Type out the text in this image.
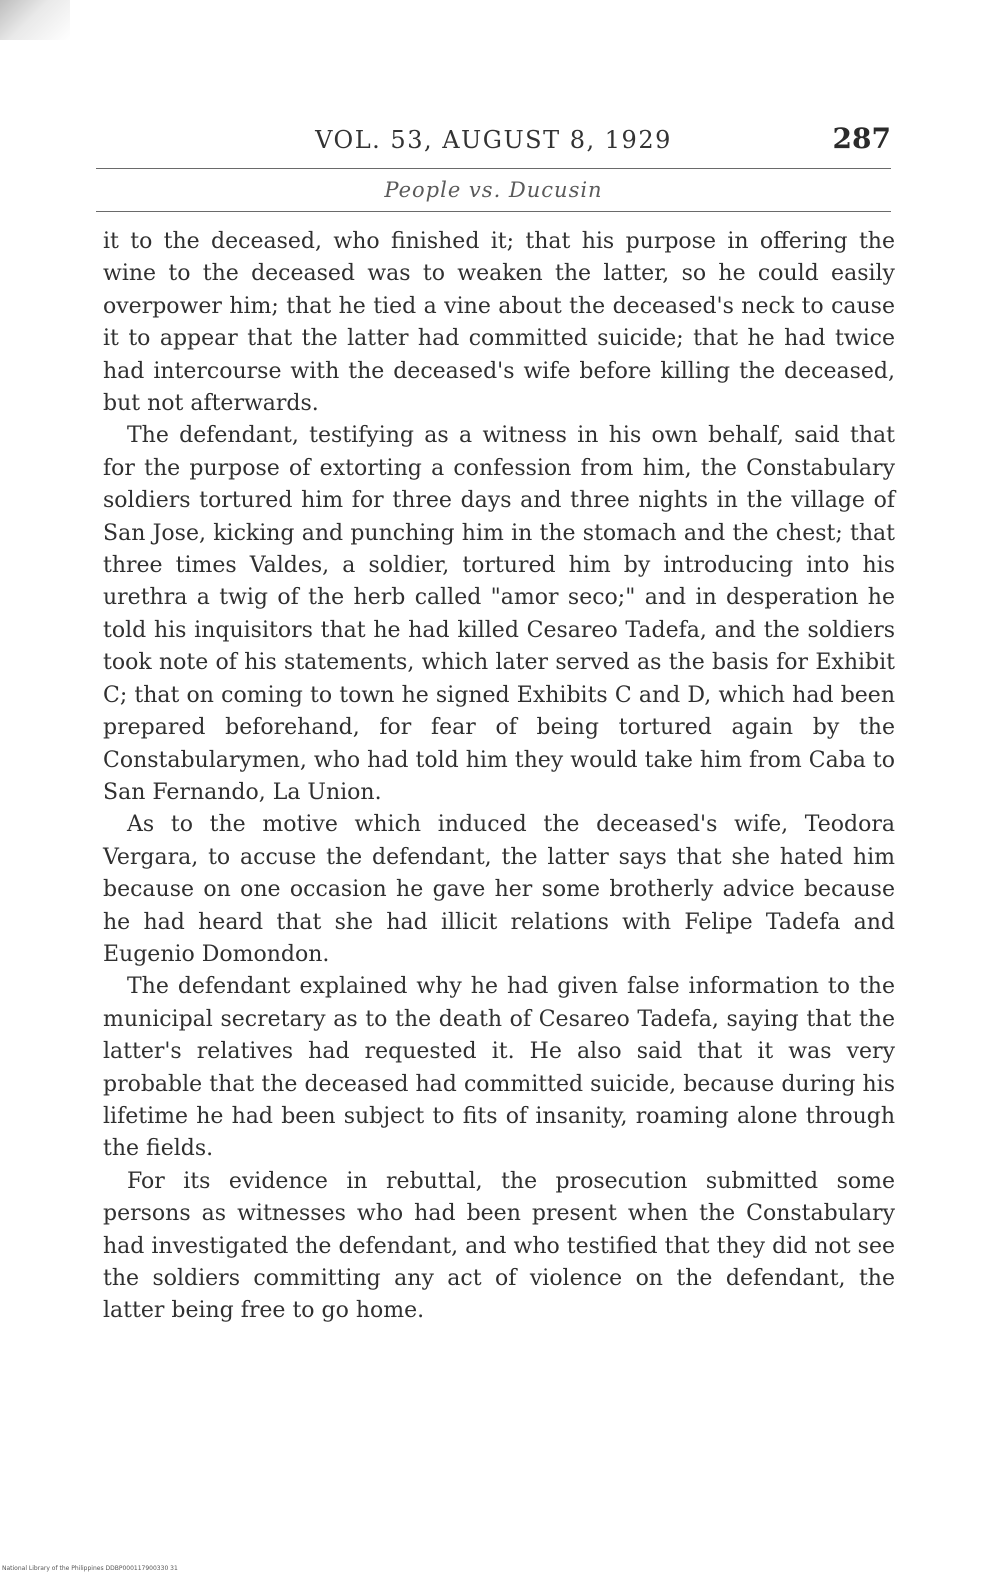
VOL. 53, AUGUST 8, 1929	287
People vs. Ducusin

it to the deceased, who finished it; that his purpose in offering the wine to the deceased was to weaken the latter, so he could easily overpower him; that he tied a vine about the deceased's neck to cause it to appear that the latter had committed suicide; that he had twice had intercourse with the deceased's wife before killing the deceased, but not afterwards.

The defendant, testifying as a witness in his own behalf, said that for the purpose of extorting a confession from him, the Constabulary soldiers tortured him for three days and three nights in the village of San Jose, kicking and punching him in the stomach and the chest; that three times Valdes, a soldier, tortured him by introducing into his urethra a twig of the herb called "amor seco;" and in desperation he told his inquisitors that he had killed Cesareo Tadefa, and the soldiers took note of his statements, which later served as the basis for Exhibit C; that on coming to town he signed Exhibits C and D, which had been prepared beforehand, for fear of being tortured again by the Constabularymen, who had told him they would take him from Caba to San Fernando, La Union.

As to the motive which induced the deceased's wife, Teodora Vergara, to accuse the defendant, the latter says that she hated him because on one occasion he gave her some brotherly advice because he had heard that she had illicit relations with Felipe Tadefa and Eugenio Domondon.

The defendant explained why he had given false information to the municipal secretary as to the death of Cesareo Tadefa, saying that the latter's relatives had requested it. He also said that it was very probable that the deceased had committed suicide, because during his lifetime he had been subject to fits of insanity, roaming alone through the fields.

For its evidence in rebuttal, the prosecution submitted some persons as witnesses who had been present when the Constabulary had investigated the defendant, and who testified that they did not see the soldiers committing any act of violence on the defendant, the latter being free to go home.

National Library of the Philippines DDBP000117900330 31
